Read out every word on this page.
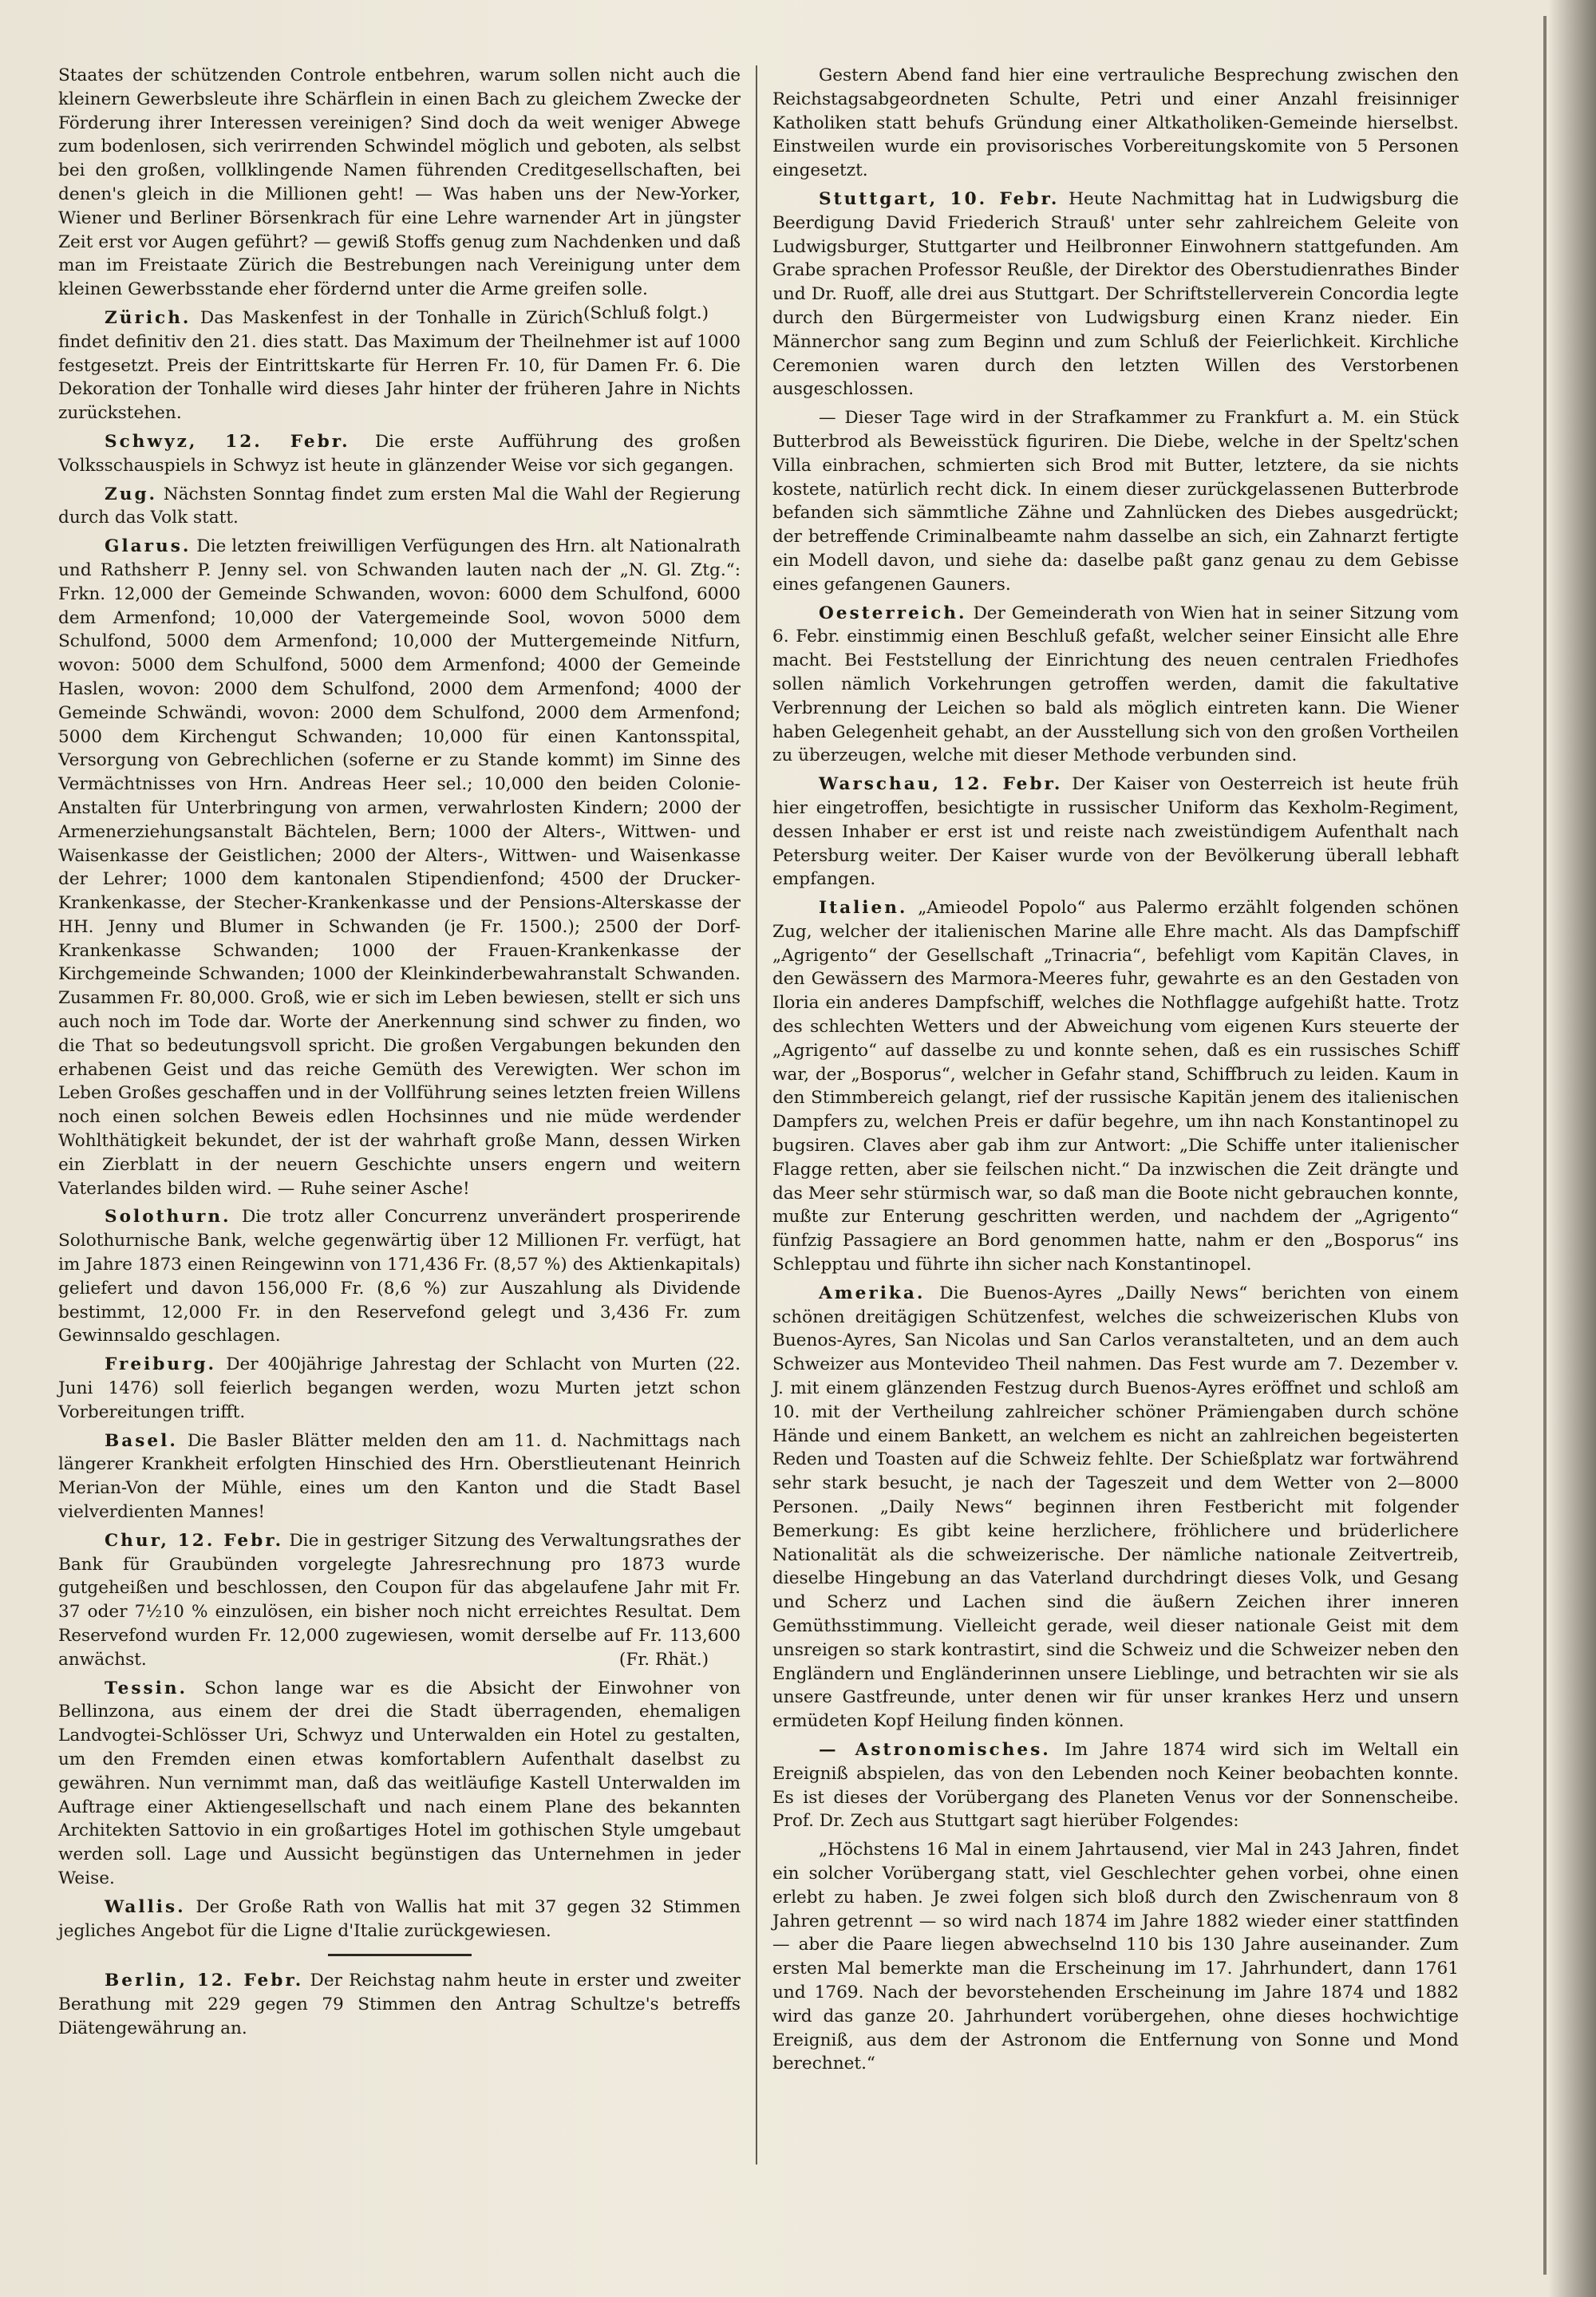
Staates der schützenden Controle entbehren, warum sollen nicht auch die kleinern Gewerbsleute ihre Schärflein in einen Bach zu gleichem Zwecke der Förderung ihrer Interessen vereinigen? Sind doch da weit weniger Abwege zum bodenlosen, sich verirrenden Schwindel möglich und geboten, als selbst bei den großen, vollklingende Namen führenden Creditgesellschaften, bei denen's gleich in die Millionen geht! — Was haben uns der New-Yorker, Wiener und Berliner Börsenkrach für eine Lehre warnender Art in jüngster Zeit erst vor Augen geführt? — gewiß Stoffs genug zum Nachdenken und daß man im Freistaate Zürich die Bestrebungen nach Vereinigung unter dem kleinen Gewerbsstande eher fördernd unter die Arme greifen solle.
(Schluß folgt.)

Zürich. Das Maskenfest in der Tonhalle in Zürich findet definitiv den 21. dies statt. Das Maximum der Theilnehmer ist auf 1000 festgesetzt. Preis der Eintrittskarte für Herren Fr. 10, für Damen Fr. 6. Die Dekoration der Tonhalle wird dieses Jahr hinter der früheren Jahre in Nichts zurückstehen.

Schwyz, 12. Febr. Die erste Aufführung des großen Volksschauspiels in Schwyz ist heute in glänzender Weise vor sich gegangen.

Zug. Nächsten Sonntag findet zum ersten Mal die Wahl der Regierung durch das Volk statt.

Glarus. Die letzten freiwilligen Verfügungen des Hrn. alt Nationalrath und Rathsherr P. Jenny sel. von Schwanden lauten nach der „N. Gl. Ztg.“: Frkn. 12,000 der Gemeinde Schwanden, wovon: 6000 dem Schulfond, 6000 dem Armenfond; 10,000 der Vatergemeinde Sool, wovon 5000 dem Schulfond, 5000 dem Armenfond; 10,000 der Muttergemeinde Nitfurn, wovon: 5000 dem Schulfond, 5000 dem Armenfond; 4000 der Gemeinde Haslen, wovon: 2000 dem Schulfond, 2000 dem Armenfond; 4000 der Gemeinde Schwändi, wovon: 2000 dem Schulfond, 2000 dem Armenfond; 5000 dem Kirchengut Schwanden; 10,000 für einen Kantonsspital, Versorgung von Gebrechlichen (soferne er zu Stande kommt) im Sinne des Vermächtnisses von Hrn. Andreas Heer sel.; 10,000 den beiden Colonie-Anstalten für Unterbringung von armen, verwahrlosten Kindern; 2000 der Armenerziehungsanstalt Bächtelen, Bern; 1000 der Alters-, Wittwen- und Waisenkasse der Geistlichen; 2000 der Alters-, Wittwen- und Waisenkasse der Lehrer; 1000 dem kantonalen Stipendienfond; 4500 der Drucker-Krankenkasse, der Stecher-Krankenkasse und der Pensions-Alterskasse der HH. Jenny und Blumer in Schwanden (je Fr. 1500.); 2500 der Dorf-Krankenkasse Schwanden; 1000 der Frauen-Krankenkasse der Kirchgemeinde Schwanden; 1000 der Kleinkinderbewahranstalt Schwanden. Zusammen Fr. 80,000. Groß, wie er sich im Leben bewiesen, stellt er sich uns auch noch im Tode dar. Worte der Anerkennung sind schwer zu finden, wo die That so bedeutungsvoll spricht. Die großen Vergabungen bekunden den erhabenen Geist und das reiche Gemüth des Verewigten. Wer schon im Leben Großes geschaffen und in der Vollführung seines letzten freien Willens noch einen solchen Beweis edlen Hochsinnes und nie müde werdender Wohlthätigkeit bekundet, der ist der wahrhaft große Mann, dessen Wirken ein Zierblatt in der neuern Geschichte unsers engern und weitern Vaterlandes bilden wird. — Ruhe seiner Asche!

Solothurn. Die trotz aller Concurrenz unverändert prosperirende Solothurnische Bank, welche gegenwärtig über 12 Millionen Fr. verfügt, hat im Jahre 1873 einen Reingewinn von 171,436 Fr. (8,57 %) des Aktienkapitals) geliefert und davon 156,000 Fr. (8,6 %) zur Auszahlung als Dividende bestimmt, 12,000 Fr. in den Reservefond gelegt und 3,436 Fr. zum Gewinnsaldo geschlagen.

Freiburg. Der 400jährige Jahrestag der Schlacht von Murten (22. Juni 1476) soll feierlich begangen werden, wozu Murten jetzt schon Vorbereitungen trifft.

Basel. Die Basler Blätter melden den am 11. d. Nachmittags nach längerer Krankheit erfolgten Hinschied des Hrn. Oberstlieutenant Heinrich Merian-Von der Mühle, eines um den Kanton und die Stadt Basel vielverdienten Mannes!

Chur, 12. Febr. Die in gestriger Sitzung des Verwaltungsrathes der Bank für Graubünden vorgelegte Jahresrechnung pro 1873 wurde gutgeheißen und beschlossen, den Coupon für das abgelaufene Jahr mit Fr. 37 oder 7½10 % einzulösen, ein bisher noch nicht erreichtes Resultat. Dem Reservefond wurden Fr. 12,000 zugewiesen, womit derselbe auf Fr. 113,600 anwächst.	(Fr. Rhät.)

Tessin. Schon lange war es die Absicht der Einwohner von Bellinzona, aus einem der drei die Stadt überragenden, ehemaligen Landvogtei-Schlösser Uri, Schwyz und Unterwalden ein Hotel zu gestalten, um den Fremden einen etwas komfortablern Aufenthalt daselbst zu gewähren. Nun vernimmt man, daß das weitläufige Kastell Unterwalden im Auftrage einer Aktiengesellschaft und nach einem Plane des bekannten Architekten Sattovio in ein großartiges Hotel im gothischen Style umgebaut werden soll. Lage und Aussicht begünstigen das Unternehmen in jeder Weise.

Wallis. Der Große Rath von Wallis hat mit 37 gegen 32 Stimmen jegliches Angebot für die Ligne d'Italie zurückgewiesen.

Berlin, 12. Febr. Der Reichstag nahm heute in erster und zweiter Berathung mit 229 gegen 79 Stimmen den Antrag Schultze's betreffs Diätengewährung an.

Gestern Abend fand hier eine vertrauliche Besprechung zwischen den Reichstagsabgeordneten Schulte, Petri und einer Anzahl freisinniger Katholiken statt behufs Gründung einer Altkatholiken-Gemeinde hierselbst. Einstweilen wurde ein provisorisches Vorbereitungskomite von 5 Personen eingesetzt.

Stuttgart, 10. Febr. Heute Nachmittag hat in Ludwigsburg die Beerdigung David Friederich Strauß' unter sehr zahlreichem Geleite von Ludwigsburger, Stuttgarter und Heilbronner Einwohnern stattgefunden. Am Grabe sprachen Professor Reußle, der Direktor des Oberstudienrathes Binder und Dr. Ruoff, alle drei aus Stuttgart. Der Schriftstellerverein Concordia legte durch den Bürgermeister von Ludwigsburg einen Kranz nieder. Ein Männerchor sang zum Beginn und zum Schluß der Feierlichkeit. Kirchliche Ceremonien waren durch den letzten Willen des Verstorbenen ausgeschlossen.

— Dieser Tage wird in der Strafkammer zu Frankfurt a. M. ein Stück Butterbrod als Beweisstück figuriren. Die Diebe, welche in der Speltz'schen Villa einbrachen, schmierten sich Brod mit Butter, letztere, da sie nichts kostete, natürlich recht dick. In einem dieser zurückgelassenen Butterbrode befanden sich sämmtliche Zähne und Zahnlücken des Diebes ausgedrückt; der betreffende Criminalbeamte nahm dasselbe an sich, ein Zahnarzt fertigte ein Modell davon, und siehe da: daselbe paßt ganz genau zu dem Gebisse eines gefangenen Gauners.

Oesterreich. Der Gemeinderath von Wien hat in seiner Sitzung vom 6. Febr. einstimmig einen Beschluß gefaßt, welcher seiner Einsicht alle Ehre macht. Bei Feststellung der Einrichtung des neuen centralen Friedhofes sollen nämlich Vorkehrungen getroffen werden, damit die fakultative Verbrennung der Leichen so bald als möglich eintreten kann. Die Wiener haben Gelegenheit gehabt, an der Ausstellung sich von den großen Vortheilen zu überzeugen, welche mit dieser Methode verbunden sind.

Warschau, 12. Febr. Der Kaiser von Oesterreich ist heute früh hier eingetroffen, besichtigte in russischer Uniform das Kexholm-Regiment, dessen Inhaber er erst ist und reiste nach zweistündigem Aufenthalt nach Petersburg weiter. Der Kaiser wurde von der Bevölkerung überall lebhaft empfangen.

Italien. „Amieodel Popolo“ aus Palermo erzählt folgenden schönen Zug, welcher der italienischen Marine alle Ehre macht. Als das Dampfschiff „Agrigento“ der Gesellschaft „Trinacria“, befehligt vom Kapitän Claves, in den Gewässern des Marmora-Meeres fuhr, gewahrte es an den Gestaden von Iloria ein anderes Dampfschiff, welches die Nothflagge aufgehißt hatte. Trotz des schlechten Wetters und der Abweichung vom eigenen Kurs steuerte der „Agrigento“ auf dasselbe zu und konnte sehen, daß es ein russisches Schiff war, der „Bosporus“, welcher in Gefahr stand, Schiffbruch zu leiden. Kaum in den Stimmbereich gelangt, rief der russische Kapitän jenem des italienischen Dampfers zu, welchen Preis er dafür begehre, um ihn nach Konstantinopel zu bugsiren. Claves aber gab ihm zur Antwort: „Die Schiffe unter italienischer Flagge retten, aber sie feilschen nicht.“ Da inzwischen die Zeit drängte und das Meer sehr stürmisch war, so daß man die Boote nicht gebrauchen konnte, mußte zur Enterung geschritten werden, und nachdem der „Agrigento“ fünfzig Passagiere an Bord genommen hatte, nahm er den „Bosporus“ ins Schlepptau und führte ihn sicher nach Konstantinopel.

Amerika. Die Buenos-Ayres „Dailly News“ berichten von einem schönen dreitägigen Schützenfest, welches die schweizerischen Klubs von Buenos-Ayres, San Nicolas und San Carlos veranstalteten, und an dem auch Schweizer aus Montevideo Theil nahmen. Das Fest wurde am 7. Dezember v. J. mit einem glänzenden Festzug durch Buenos-Ayres eröffnet und schloß am 10. mit der Vertheilung zahlreicher schöner Prämiengaben durch schöne Hände und einem Bankett, an welchem es nicht an zahlreichen begeisterten Reden und Toasten auf die Schweiz fehlte. Der Schießplatz war fortwährend sehr stark besucht, je nach der Tageszeit und dem Wetter von 2—8000 Personen. „Daily News“ beginnen ihren Festbericht mit folgender Bemerkung: Es gibt keine herzlichere, fröhlichere und brüderlichere Nationalität als die schweizerische. Der nämliche nationale Zeitvertreib, dieselbe Hingebung an das Vaterland durchdringt dieses Volk, und Gesang und Scherz und Lachen sind die äußern Zeichen ihrer inneren Gemüthsstimmung. Vielleicht gerade, weil dieser nationale Geist mit dem unsreigen so stark kontrastirt, sind die Schweiz und die Schweizer neben den Engländern und Engländerinnen unsere Lieblinge, und betrachten wir sie als unsere Gastfreunde, unter denen wir für unser krankes Herz und unsern ermüdeten Kopf Heilung finden können.

— Astronomisches. Im Jahre 1874 wird sich im Weltall ein Ereigniß abspielen, das von den Lebenden noch Keiner beobachten konnte. Es ist dieses der Vorübergang des Planeten Venus vor der Sonnenscheibe. Prof. Dr. Zech aus Stuttgart sagt hierüber Folgendes:

„Höchstens 16 Mal in einem Jahrtausend, vier Mal in 243 Jahren, findet ein solcher Vorübergang statt, viel Geschlechter gehen vorbei, ohne einen erlebt zu haben. Je zwei folgen sich bloß durch den Zwischenraum von 8 Jahren getrennt — so wird nach 1874 im Jahre 1882 wieder einer stattfinden — aber die Paare liegen abwechselnd 110 bis 130 Jahre auseinander. Zum ersten Mal bemerkte man die Erscheinung im 17. Jahrhundert, dann 1761 und 1769. Nach der bevorstehenden Erscheinung im Jahre 1874 und 1882 wird das ganze 20. Jahrhundert vorübergehen, ohne dieses hochwichtige Ereigniß, aus dem der Astronom die Entfernung von Sonne und Mond berechnet.“
